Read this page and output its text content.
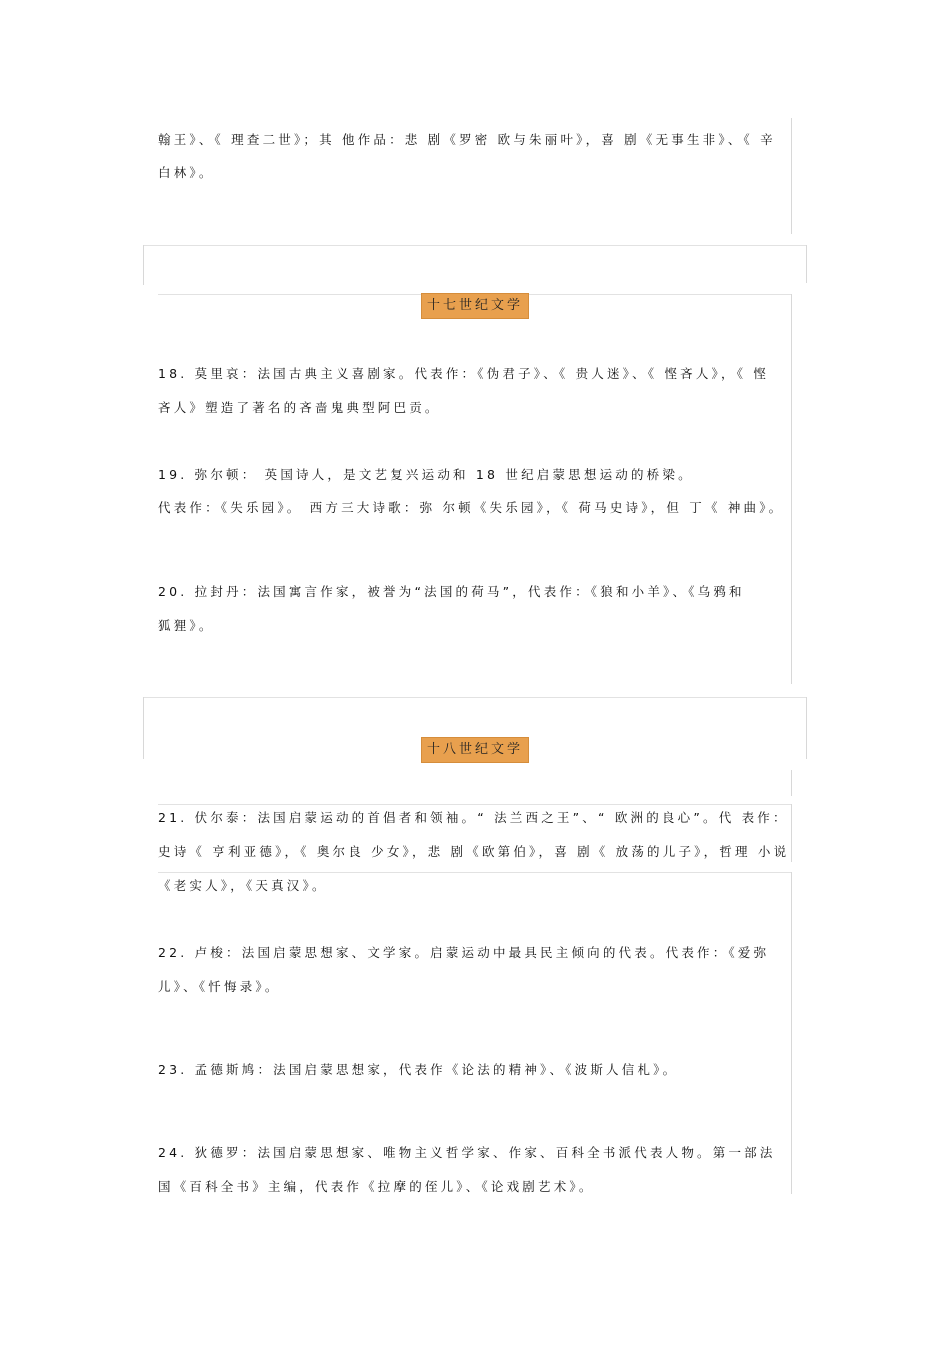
翰王》、《 理查二世》；其 他作品：悲 剧《罗密 欧与朱丽叶》，喜 剧《无事生非》、《 辛
白林》。
十七世纪文学
18. 莫里哀：法国古典主义喜剧家。代表作：《伪君子》、《 贵人迷》、《 悭吝人》，《 悭
吝人》塑造了著名的吝啬鬼典型阿巴贡。
19. 弥尔顿： 英国诗人，是文艺复兴运动和 18 世纪启蒙思想运动的桥梁。
代表作：《失乐园》。 西方三大诗歌：弥 尔顿《失乐园》，《 荷马史诗》，但 丁《 神曲》。
20. 拉封丹：法国寓言作家，被誉为“法国的荷马”，代表作：《狼和小羊》、《乌鸦和
狐狸》。
十八世纪文学
21. 伏尔泰：法国启蒙运动的首倡者和领袖。“ 法兰西之王”、“ 欧洲的良心”。代 表作：
史诗《 亨利亚德》，《 奥尔良 少女》，悲 剧《欧第伯》，喜 剧《 放荡的儿子》，哲理 小说
《老实人》，《天真汉》。
22. 卢梭：法国启蒙思想家、文学家。启蒙运动中最具民主倾向的代表。代表作：《爱弥
儿》、《忏悔录》。
23. 孟德斯鸠：法国启蒙思想家，代表作《论法的精神》、《波斯人信札》。
24. 狄德罗：法国启蒙思想家、唯物主义哲学家、作家、百科全书派代表人物。第一部法
国《百科全书》主编，代表作《拉摩的侄儿》、《论戏剧艺术》。
